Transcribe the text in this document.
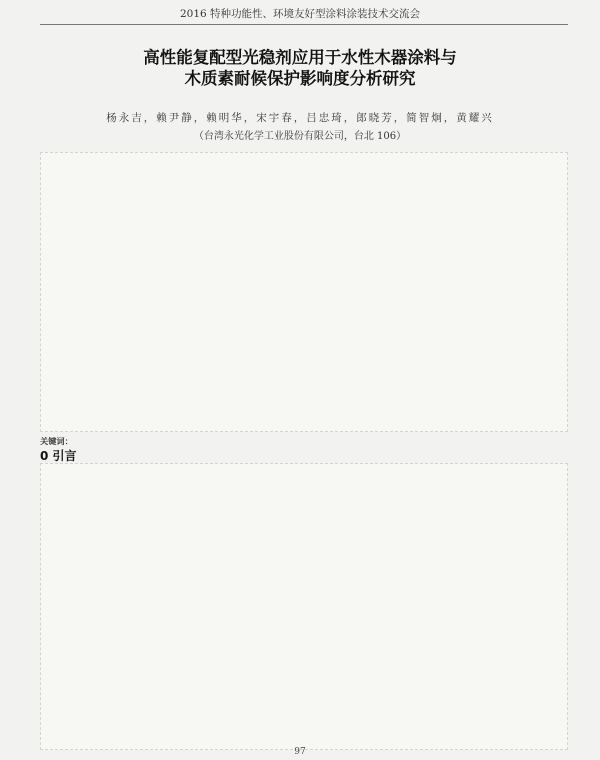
2016 特种功能性、环境友好型涂料涂装技术交流会
高性能复配型光稳剂应用于水性木器涂料与
木质素耐候保护影响度分析研究
杨永吉，赖尹静，赖明华，宋宇春，吕忠琦，郎晓芳，简智炯，黄耀兴
（台湾永光化学工业股份有限公司，台北 106）
关键词：
0 引言
97
